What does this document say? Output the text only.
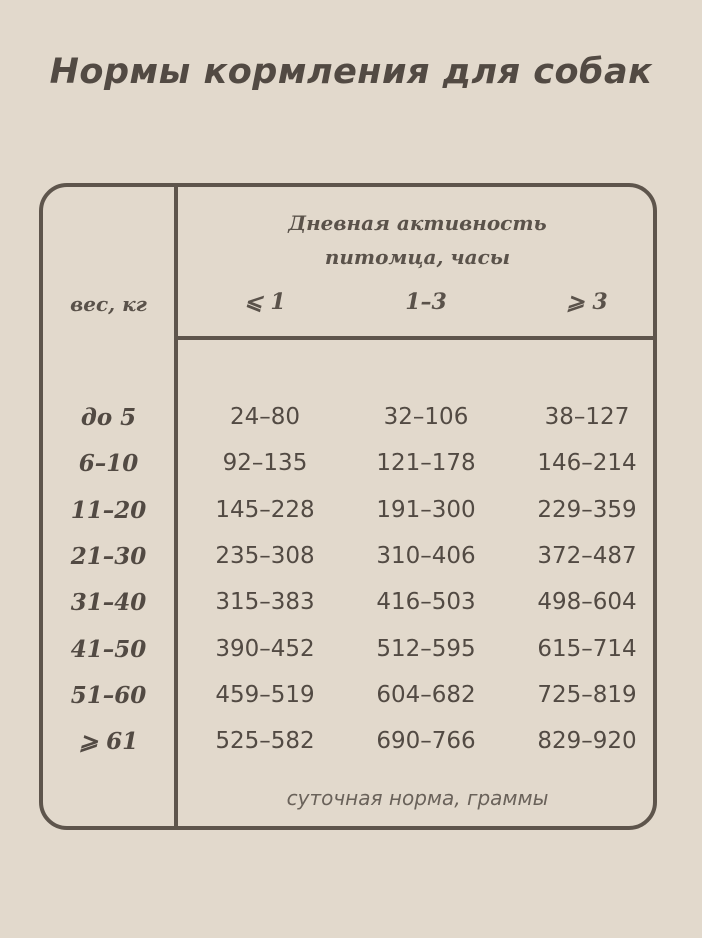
Нормы кормления для собак
Дневная активность
питомца, часы
вес, кг	⩽ 1	1–3	⩾ 3
до 5	24–80	32–106	38–127
6–10	92–135	121–178	146–214
11–20	145–228	191–300	229–359
21–30	235–308	310–406	372–487
31–40	315–383	416–503	498–604
41–50	390–452	512–595	615–714
51–60	459–519	604–682	725–819
⩾ 61	525–582	690–766	829–920
суточная норма, граммы
